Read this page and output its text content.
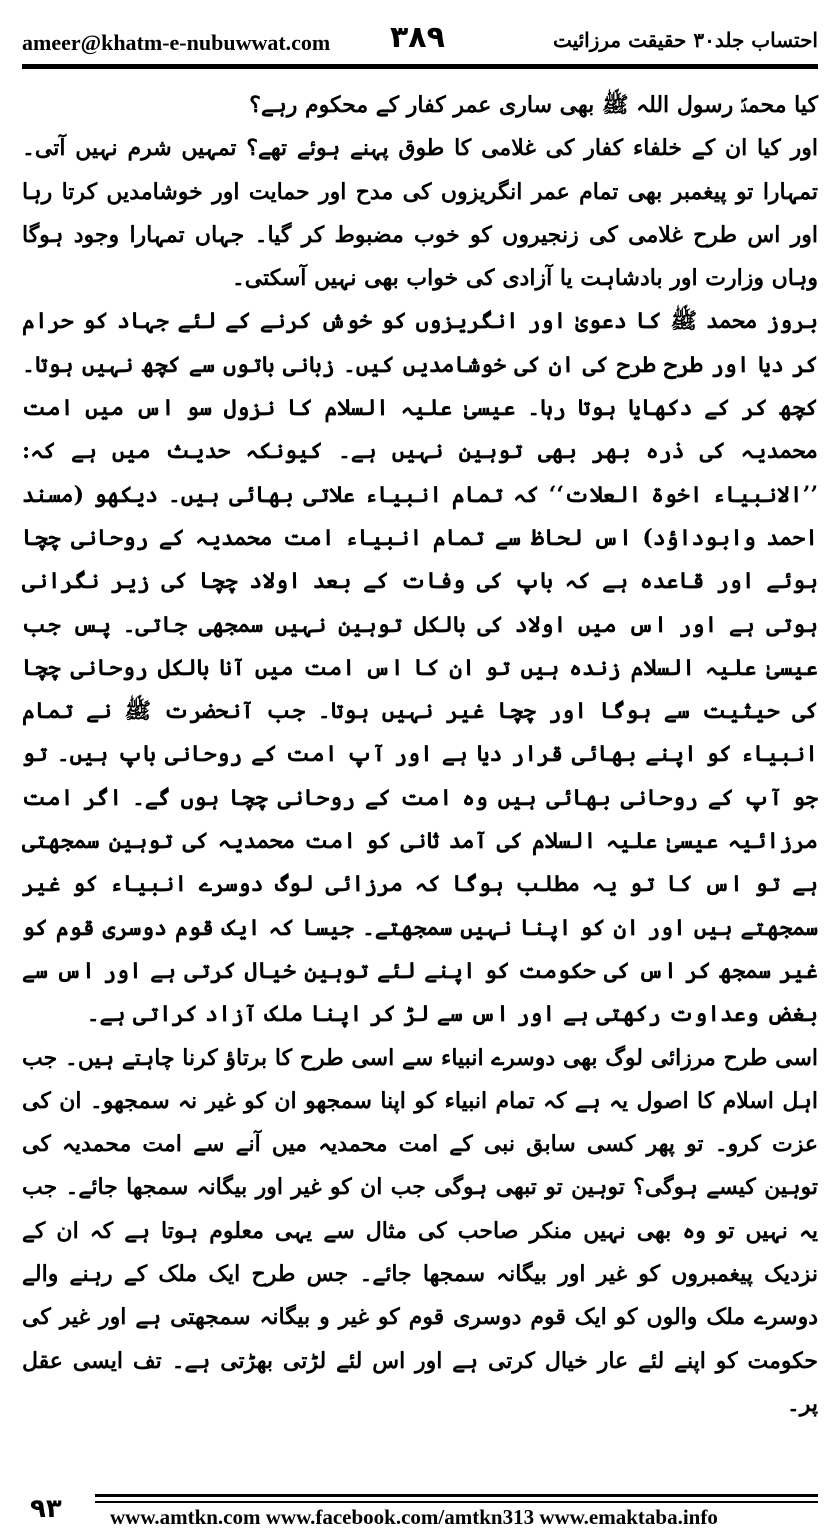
ameer@khatm-e-nubuwwat.com ۳۸۹	احتساب جلد۳۰ حقیقت مرزائیت

کیا محمدؐ رسول اللہ ﷺ بھی ساری عمر کفار کے محکوم رہے؟

اور کیا ان کے خلفاء کفار کی غلامی کا طوق پہنے ہوئے تھے؟ تمہیں شرم نہیں آتی۔ تمہارا تو پیغمبر بھی تمام عمر انگریزوں کی مدح اور حمایت اور خوشامدیں کرتا رہا اور اس طرح غلامی کی زنجیروں کو خوب مضبوط کر گیا۔ جہاں تمہارا وجود ہوگا وہاں وزارت اور بادشاہت یا آزادی کی خواب بھی نہیں آسکتی۔

بروز محمد ﷺ کا دعویٰ اور انگریزوں کو خوش کرنے کے لئے جہاد کو حرام کر دیا اور طرح طرح کی ان کی خوشامدیں کیں۔ زبانی باتوں سے کچھ نہیں ہوتا۔ کچھ کر کے دکھایا ہوتا رہا۔ عیسیٰ علیہ السلام کا نزول سو اس میں امت محمدیہ کی ذرہ بھر بھی توہین نہیں ہے۔ کیونکہ حدیث میں ہے کہ: ’’الانبیاء اخوۃ العلات‘‘ کہ تمام انبیاء علاتی بھائی ہیں۔ دیکھو (مسند احمد وابوداؤد) اس لحاظ سے تمام انبیاء امت محمدیہ کے روحانی چچا ہوئے اور قاعدہ ہے کہ باپ کی وفات کے بعد اولاد چچا کی زیر نگرانی ہوتی ہے اور اس میں اولاد کی بالکل توہین نہیں سمجھی جاتی۔ پس جب عیسیٰ علیہ السلام زندہ ہیں تو ان کا اس امت میں آنا بالکل روحانی چچا کی حیثیت سے ہوگا اور چچا غیر نہیں ہوتا۔ جب آنحضرت ﷺ نے تمام انبیاء کو اپنے بھائی قرار دیا ہے اور آپ امت کے روحانی باپ ہیں۔ تو جو آپ کے روحانی بھائی ہیں وہ امت کے روحانی چچا ہوں گے۔ اگر امت مرزائیہ عیسیٰ علیہ السلام کی آمد ثانی کو امت محمدیہ کی توہین سمجھتی ہے تو اس کا تو یہ مطلب ہوگا کہ مرزائی لوگ دوسرے انبیاء کو غیر سمجھتے ہیں اور ان کو اپنا نہیں سمجھتے۔ جیسا کہ ایک قوم دوسری قوم کو غیر سمجھ کر اس کی حکومت کو اپنے لئے توہین خیال کرتی ہے اور اس سے بغض وعداوت رکھتی ہے اور اس سے لڑ کر اپنا ملک آزاد کراتی ہے۔

اسی طرح مرزائی لوگ بھی دوسرے انبیاء سے اسی طرح کا برتاؤ کرنا چاہتے ہیں۔ جب اہل اسلام کا اصول یہ ہے کہ تمام انبیاء کو اپنا سمجھو ان کو غیر نہ سمجھو۔ ان کی عزت کرو۔ تو پھر کسی سابق نبی کے امت محمدیہ میں آنے سے امت محمدیہ کی توہین کیسے ہوگی؟ توہین تو تبھی ہوگی جب ان کو غیر اور بیگانہ سمجھا جائے۔ جب یہ نہیں تو وہ بھی نہیں منکر صاحب کی مثال سے یہی معلوم ہوتا ہے کہ ان کے نزدیک پیغمبروں کو غیر اور بیگانہ سمجھا جائے۔ جس طرح ایک ملک کے رہنے والے دوسرے ملک والوں کو ایک قوم دوسری قوم کو غیر و بیگانہ سمجھتی ہے اور غیر کی حکومت کو اپنے لئے عار خیال کرتی ہے اور اس لئے لڑتی بھڑتی ہے۔ تف ایسی عقل پر۔

۹۳ www.amtkn.com www.facebook.com/amtkn313 www.emaktaba.info
